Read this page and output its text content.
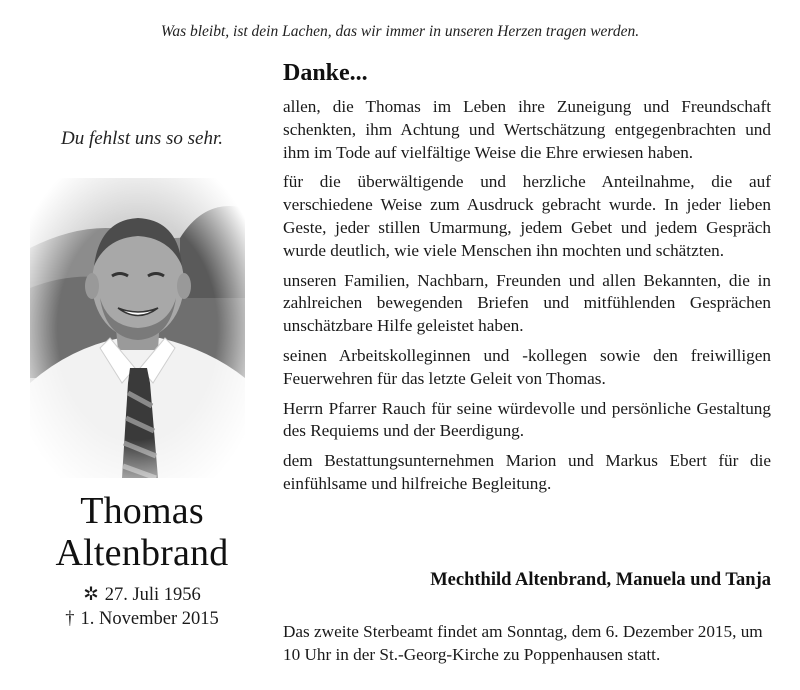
Was bleibt, ist dein Lachen, das wir immer in unseren Herzen tragen werden.
Du fehlst uns so sehr.
Thomas
Altenbrand
✲ 27. Juli 1956
† 1. November 2015
Danke...

allen, die Thomas im Leben ihre Zuneigung und Freundschaft schenkten, ihm Achtung und Wertschätzung entgegenbrachten und ihm im Tode auf vielfältige Weise die Ehre erwiesen haben.

für die überwältigende und herzliche Anteilnahme, die auf verschiedene Weise zum Ausdruck gebracht wurde. In jeder lieben Geste, jeder stillen Umarmung, jedem Gebet und jedem Gespräch wurde deutlich, wie viele Menschen ihn mochten und schätzten.

unseren Familien, Nachbarn, Freunden und allen Bekannten, die in zahlreichen bewegenden Briefen und mitfühlenden Gesprächen unschätzbare Hilfe geleistet haben.

seinen Arbeitskolleginnen und -kollegen sowie den freiwilligen Feuerwehren für das letzte Geleit von Thomas.

Herrn Pfarrer Rauch für seine würdevolle und persönliche Gestaltung des Requiems und der Beerdigung.

dem Bestattungsunternehmen Marion und Markus Ebert für die einfühlsame und hilfreiche Begleitung.

Mechthild Altenbrand, Manuela und Tanja
Das zweite Sterbeamt findet am Sonntag, dem 6. Dezember 2015, um 10 Uhr in der St.-Georg-Kirche zu Poppenhausen statt.
